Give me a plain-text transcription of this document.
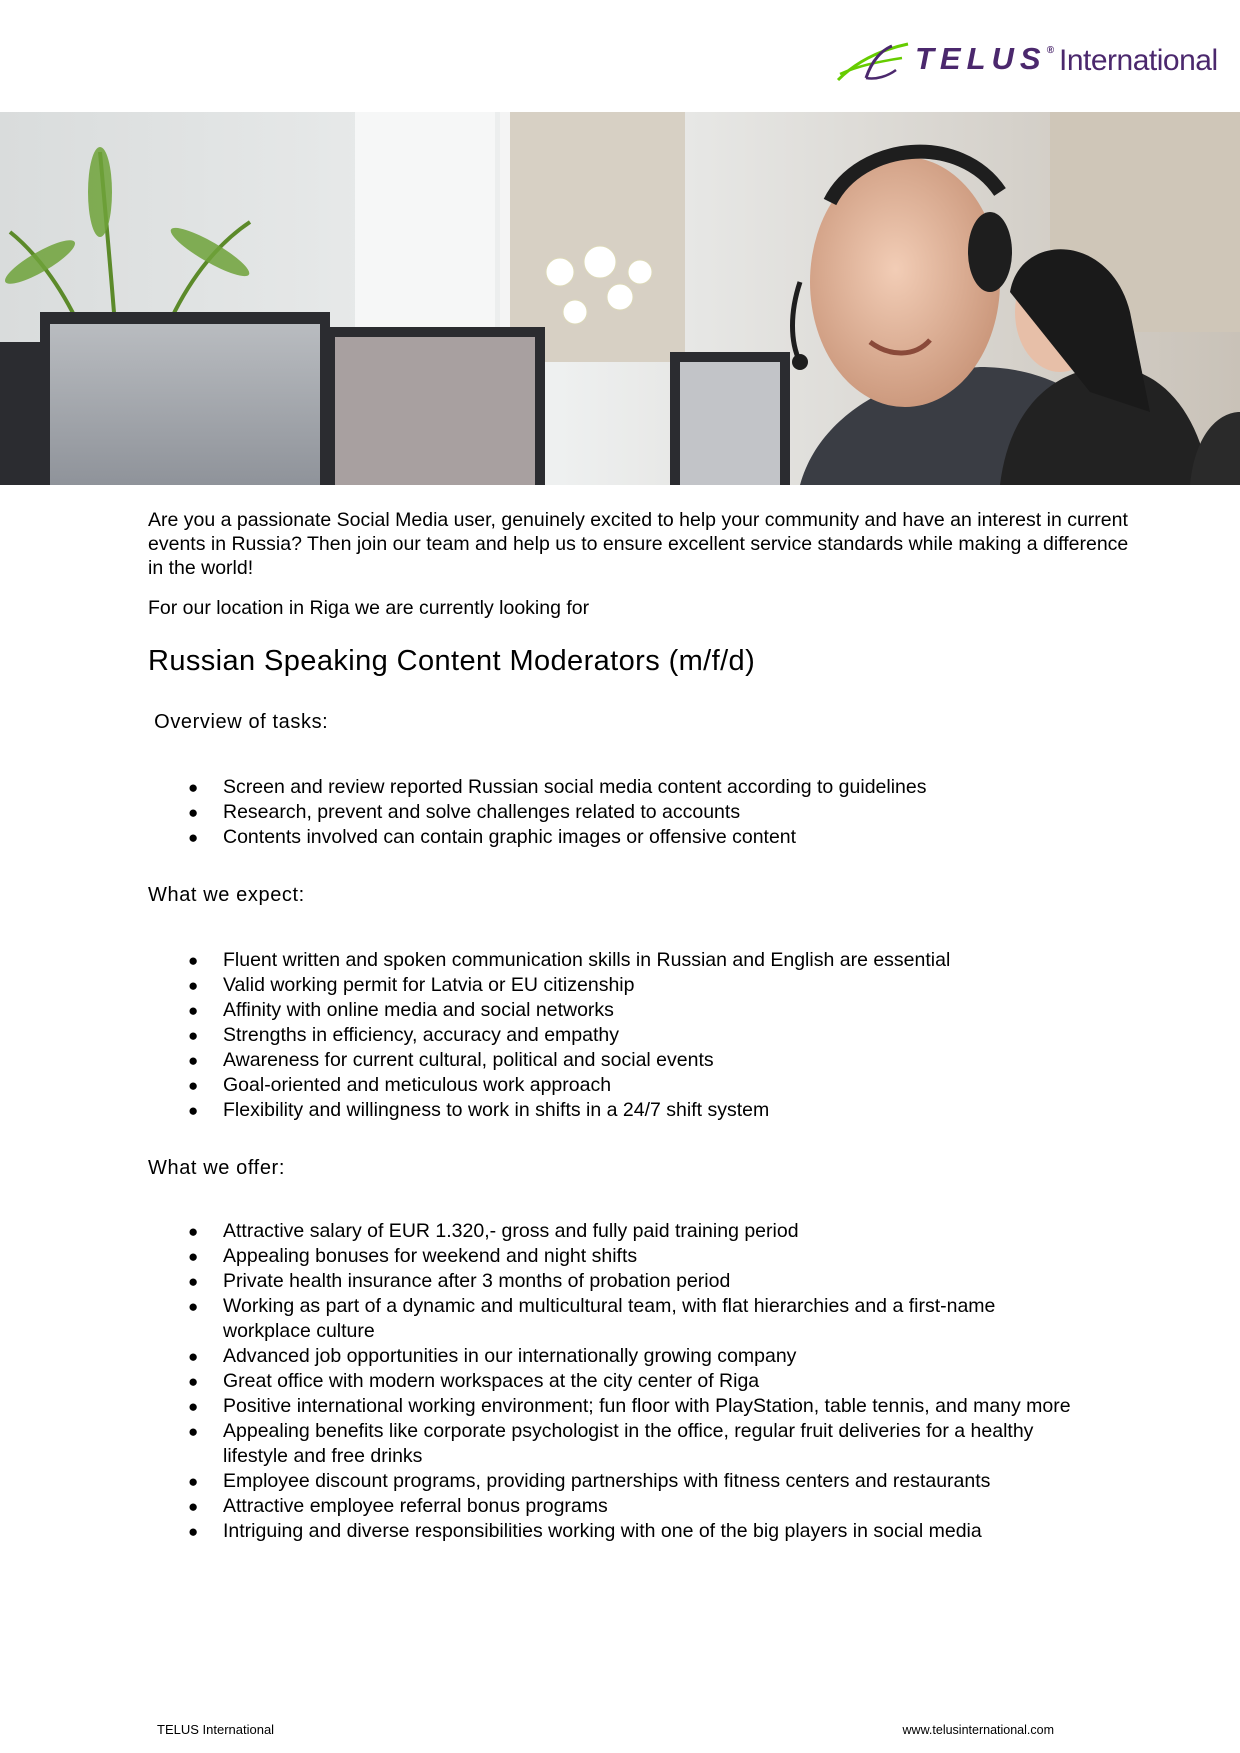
TELUS® International

Are you a passionate Social Media user, genuinely excited to help your community and have an interest in current events in Russia? Then join our team and help us to ensure excellent service standards while making a difference in the world!

For our location in Riga we are currently looking for

Russian Speaking Content Moderators (m/f/d)
Overview of tasks:
● Screen and review reported Russian social media content according to guidelines
● Research, prevent and solve challenges related to accounts
● Contents involved can contain graphic images or offensive content
What we expect:
● Fluent written and spoken communication skills in Russian and English are essential
● Valid working permit for Latvia or EU citizenship
● Affinity with online media and social networks
● Strengths in efficiency, accuracy and empathy
● Awareness for current cultural, political and social events
● Goal-oriented and meticulous work approach
● Flexibility and willingness to work in shifts in a 24/7 shift system
What we offer:
● Attractive salary of EUR 1.320,- gross and fully paid training period
● Appealing bonuses for weekend and night shifts
● Private health insurance after 3 months of probation period
● Working as part of a dynamic and multicultural team, with flat hierarchies and a first-name workplace culture
● Advanced job opportunities in our internationally growing company
● Great office with modern workspaces at the city center of Riga
● Positive international working environment; fun floor with PlayStation, table tennis, and many more
● Appealing benefits like corporate psychologist in the office, regular fruit deliveries for a healthy lifestyle and free drinks
● Employee discount programs, providing partnerships with fitness centers and restaurants
● Attractive employee referral bonus programs
● Intriguing and diverse responsibilities working with one of the big players in social media
TELUS International	www.telusinternational.com
